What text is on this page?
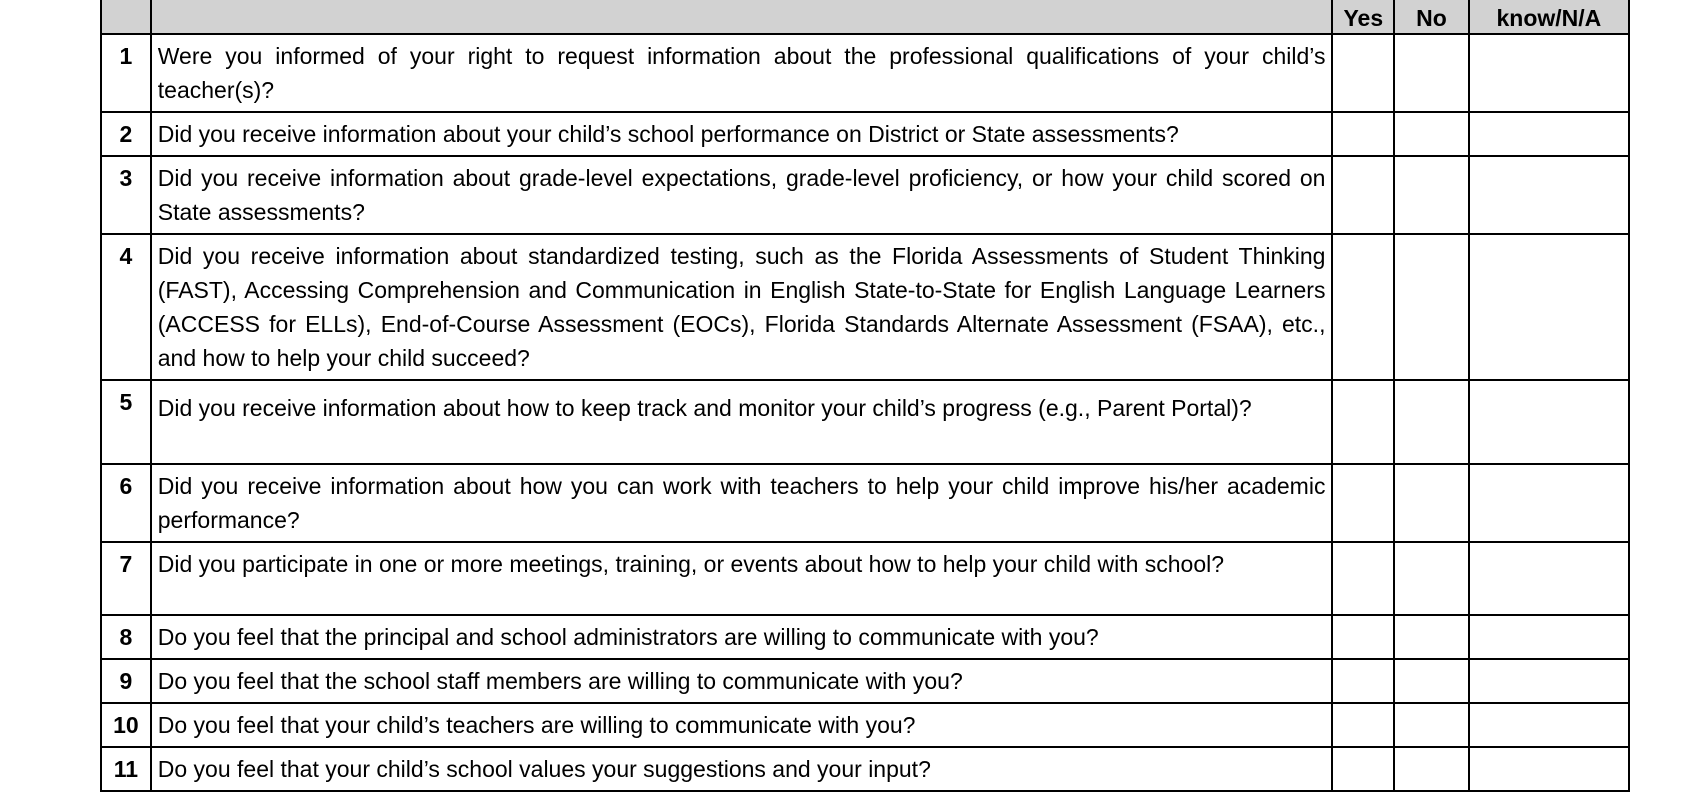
		Yes	No	know/N/A
1	Were you informed of your right to request information about the professional qualifications of your child’s teacher(s)?			
2	Did you receive information about your child’s school performance on District or State assessments?			
3	Did you receive information about grade-level expectations, grade-level proficiency, or how your child scored on State assessments?			
4	Did you receive information about standardized testing, such as the Florida Assessments of Student Thinking (FAST), Accessing Comprehension and Communication in English State-to-State for English Language Learners (ACCESS for ELLs), End-of-Course Assessment (EOCs), Florida Standards Alternate Assessment (FSAA), etc., and how to help your child succeed?			
5	Did you receive information about how to keep track and monitor your child’s progress (e.g., Parent Portal)?			
6	Did you receive information about how you can work with teachers to help your child improve his/her academic performance?			
7	Did you participate in one or more meetings, training, or events about how to help your child with school?			
8	Do you feel that the principal and school administrators are willing to communicate with you?			
9	Do you feel that the school staff members are willing to communicate with you?			
10	Do you feel that your child’s teachers are willing to communicate with you?			
11	Do you feel that your child’s school values your suggestions and your input?			
